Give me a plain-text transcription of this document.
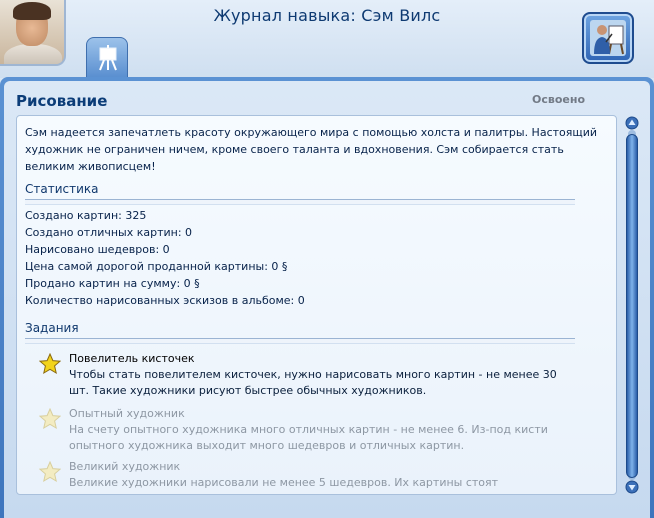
Журнал навыка: Сэм Вилс
Рисование	Освоено
Сэм надеется запечатлеть красоту окружающего мира с помощью холста и палитры. Настоящий художник не ограничен ничем, кроме своего таланта и вдохновения. Сэм собирается стать великим живописцем!
Статистика
Создано картин: 325
Создано отличных картин: 0
Нарисовано шедевров: 0
Цена самой дорогой проданной картины: 0 §
Продано картин на сумму: 0 §
Количество нарисованных эскизов в альбоме: 0
Задания
Повелитель кисточек
Чтобы стать повелителем кисточек, нужно нарисовать много картин - не менее 30 шт. Такие художники рисуют быстрее обычных художников.
Опытный художник
На счету опытного художника много отличных картин - не менее 6. Из-под кисти опытного художника выходит много шедевров и отличных картин.
Великий художник
Великие художники нарисовали не менее 5 шедевров. Их картины стоят
